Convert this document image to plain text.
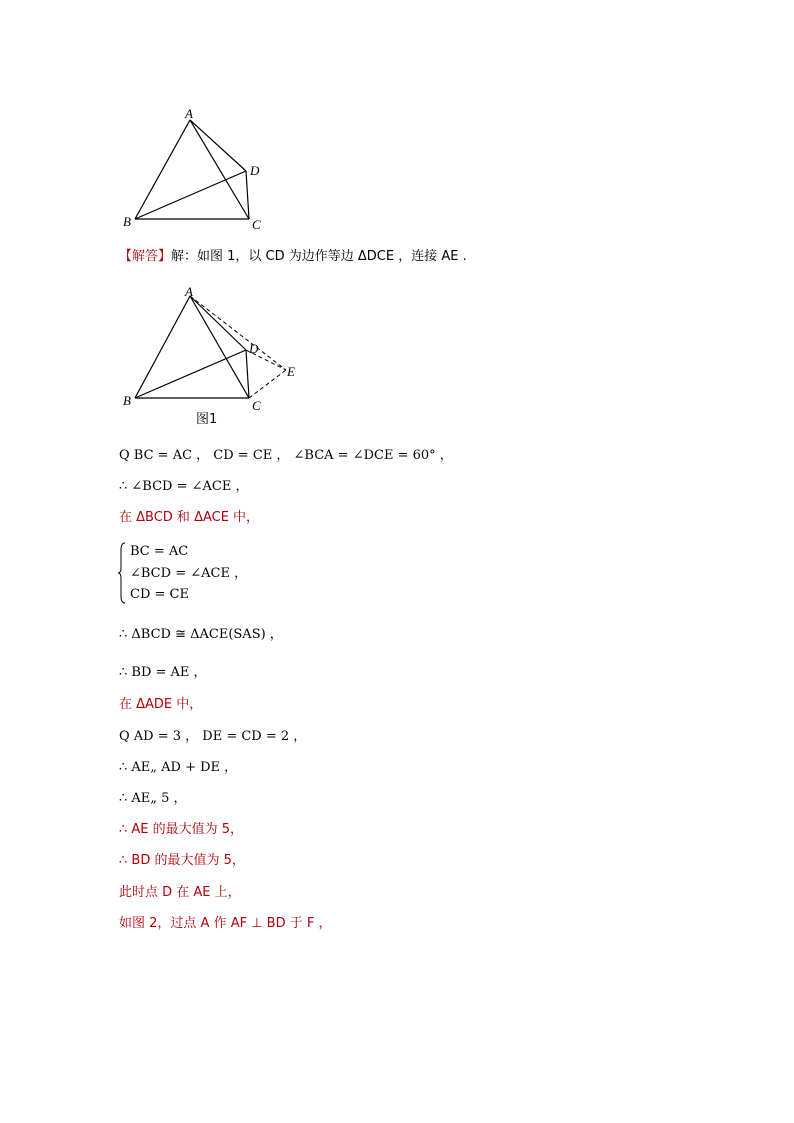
A
B	C
D
【解答】解：如图 1，以 CD 为边作等边 ΔDCE ，连接 AE .
A
B	C
D
E
图1
Q BC = AC ， CD = CE ， ∠BCA = ∠DCE = 60° ，
∴ ∠BCD = ∠ACE ，
在 ΔBCD 和 ΔACE 中，
BC = AC
∠BCD = ∠ACE ，
CD = CE
∴ ΔBCD ≅ ΔACE(SAS) ，
∴ BD = AE ，
在 ΔADE 中，
Q AD = 3 ， DE = CD = 2 ，
∴ AE„ AD + DE ，
∴ AE„ 5 ，
∴ AE 的最大值为 5，
∴ BD 的最大值为 5，
此时点 D 在 AE 上，
如图 2，过点 A 作 AF ⊥ BD 于 F ，
